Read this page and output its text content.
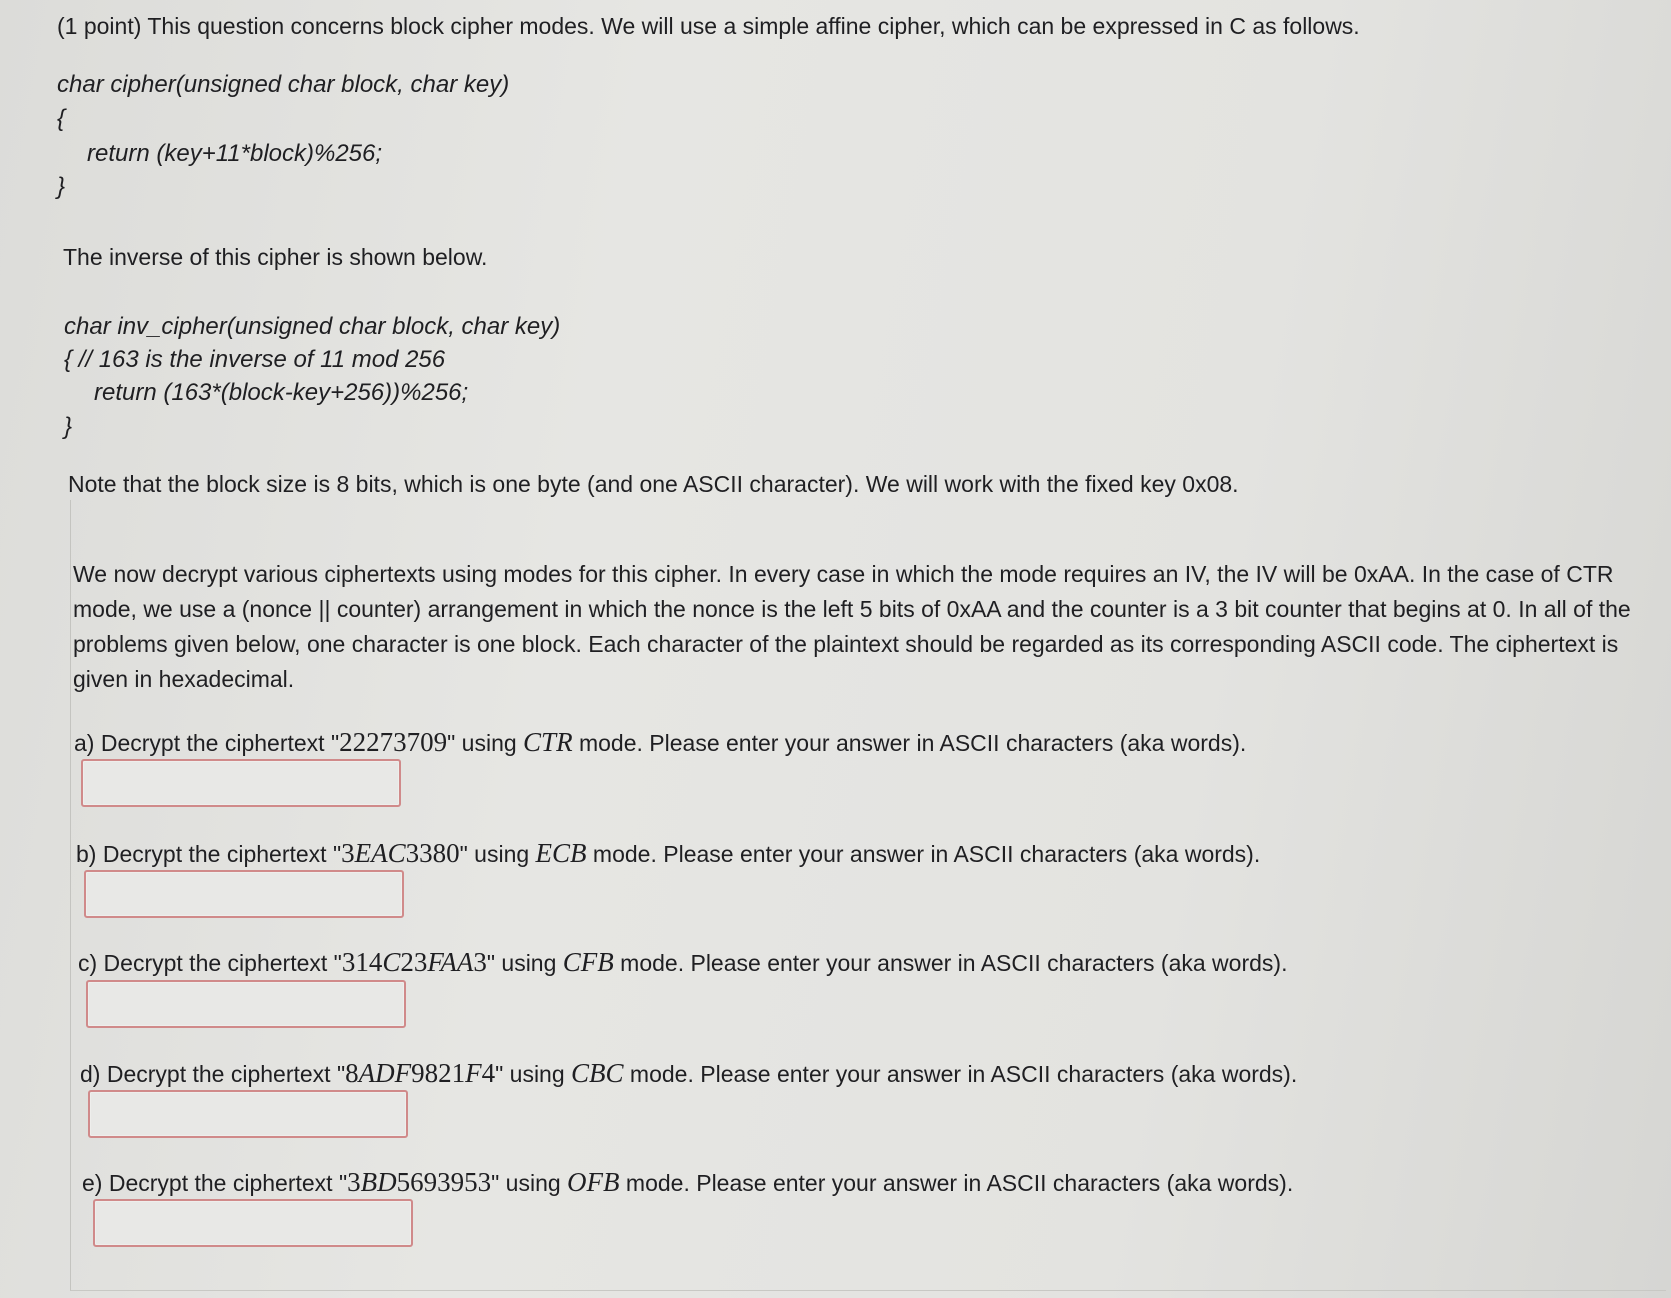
(1 point) This question concerns block cipher modes. We will use a simple affine cipher, which can be expressed in C as follows.
char cipher(unsigned char block, char key)
{
return (key+11*block)%256;
}
The inverse of this cipher is shown below.
char inv_cipher(unsigned char block, char key)
{ // 163 is the inverse of 11 mod 256
return (163*(block-key+256))%256;
}
Note that the block size is 8 bits, which is one byte (and one ASCII character). We will work with the fixed key 0x08.
We now decrypt various ciphertexts using modes for this cipher. In every case in which the mode requires an IV, the IV will be 0xAA. In the case of CTR mode, we use a (nonce || counter) arrangement in which the nonce is the left 5 bits of 0xAA and the counter is a 3 bit counter that begins at 0. In all of the problems given below, one character is one block. Each character of the plaintext should be regarded as its corresponding ASCII code. The ciphertext is given in hexadecimal.
a) Decrypt the ciphertext "22273709" using CTR mode. Please enter your answer in ASCII characters (aka words).
b) Decrypt the ciphertext "3EAC3380" using ECB mode. Please enter your answer in ASCII characters (aka words).
c) Decrypt the ciphertext "314C23FAA3" using CFB mode. Please enter your answer in ASCII characters (aka words).
d) Decrypt the ciphertext "8ADF9821F4" using CBC mode. Please enter your answer in ASCII characters (aka words).
e) Decrypt the ciphertext "3BD5693953" using OFB mode. Please enter your answer in ASCII characters (aka words).
